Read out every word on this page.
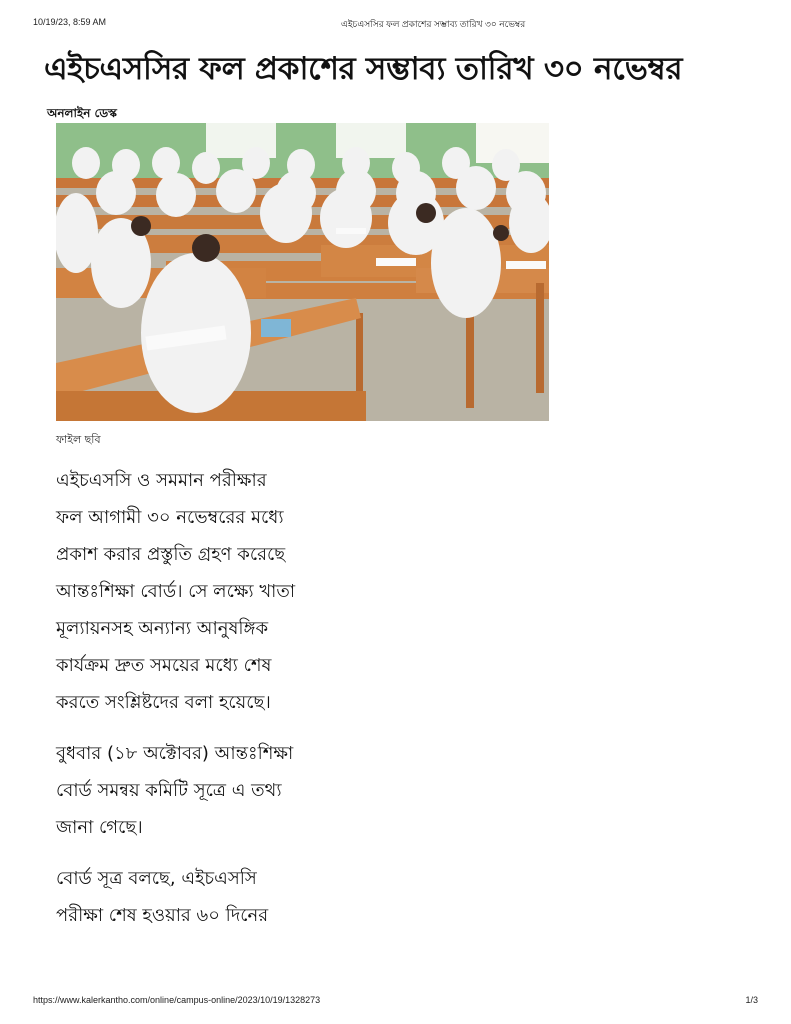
10/19/23, 8:59 AM	এইচএসসির ফল প্রকাশের সম্ভাব্য তারিখ ৩০ নভেম্বর
এইচএসসির ফল প্রকাশের সম্ভাব্য তারিখ ৩০ নভেম্বর
অনলাইন ডেস্ক
ফাইল ছবি

এইচএসসি ও সমমান পরীক্ষার
ফল আগামী ৩০ নভেম্বরের মধ্যে
প্রকাশ করার প্রস্তুতি গ্রহণ করেছে
আন্তঃশিক্ষা বোর্ড। সে লক্ষ্যে খাতা
মূল্যায়নসহ অন্যান্য আনুষঙ্গিক
কার্যক্রম দ্রুত সময়ের মধ্যে শেষ
করতে সংশ্লিষ্টদের বলা হয়েছে।

বুধবার (১৮ অক্টোবর) আন্তঃশিক্ষা
বোর্ড সমন্বয় কমিটি সূত্রে এ তথ্য
জানা গেছে।

বোর্ড সূত্র বলছে, এইচএসসি
পরীক্ষা শেষ হওয়ার ৬০ দিনের

https://www.kalerkantho.com/online/campus-online/2023/10/19/1328273	1/3
